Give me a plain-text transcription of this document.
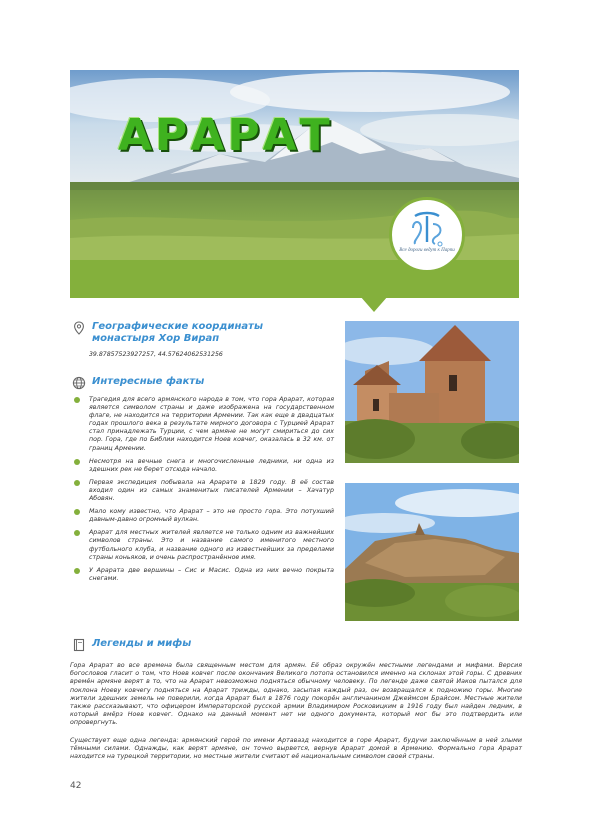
АРАРАТ
Все дороги ведут к Парпи
Географические координаты монастыря Хор Вирап
39.87857523927257, 44.57624062531256
Интересные факты
Трагедия для всего армянского народа в том, что гора Арарат, которая является символом страны и даже изображена на государственном флаге, не находится на территории Армении. Так как еще в двадцатых годах прошлого века в результате мирного договора с Турцией Арарат стал принадлежать Турции, с чем армяне не могут смириться до сих пор. Гора, где по Библии находится Ноев ковчег, оказалась в 32 км. от границ Армении.
Несмотря на вечные снега и многочисленные ледники, ни одна из здешних рек не берет отсюда начало.
Первая экспедиция побывала на Арарате в 1829 году. В её состав входил один из самых знаменитых писателей Армении – Хачатур Абовян.
Мало кому известно, что Арарат – это не просто гора. Это потухший давным-давно огромный вулкан.
Арарат для местных жителей является не только одним из важнейших символов страны. Это и название самого именитого местного футбольного клуба, и название одного из известнейших за пределами страны коньяков, и очень распространённое имя.
У Арарата две вершины – Сис и Масис. Одна из них вечно покрыта снегами.
Легенды и мифы

Гора Арарат во все времена была священным местом для армян. Её образ окружён местными легендами и мифами. Версия богословов гласит о том, что Ноев ковчег после окончания Великого потопа остановился именно на склонах этой горы. С древних времён армяне верят в то, что на Арарат невозможно подняться обычному человеку. По легенде даже святой Иаков пытался для поклона Ноеву ковчегу подняться на Арарат трижды, однако, засыпая каждый раз, он возвращался к подножию горы. Многие жители здешних земель не поверили, когда Арарат был в 1876 году покорён англичанином Джеймсом Брайсом. Местные жители также рассказывают, что офицером Императорской русской армии Владимиром Росковицким в 1916 году был найден ледник, в который вмёрз Ноев ковчег. Однако на данный момент нет ни одного документа, который мог бы это подтвердить или опровергнуть.

Существует еще одна легенда: армянский герой по имени Артавазд находится в горе Арарат, будучи заключённым в ней злыми тёмными силами. Однажды, как верят армяне, он точно вырвется, вернув Арарат домой в Армению. Формально гора Арарат находится на турецкой территории, но местные жители считают её национальным символом своей страны.

42
